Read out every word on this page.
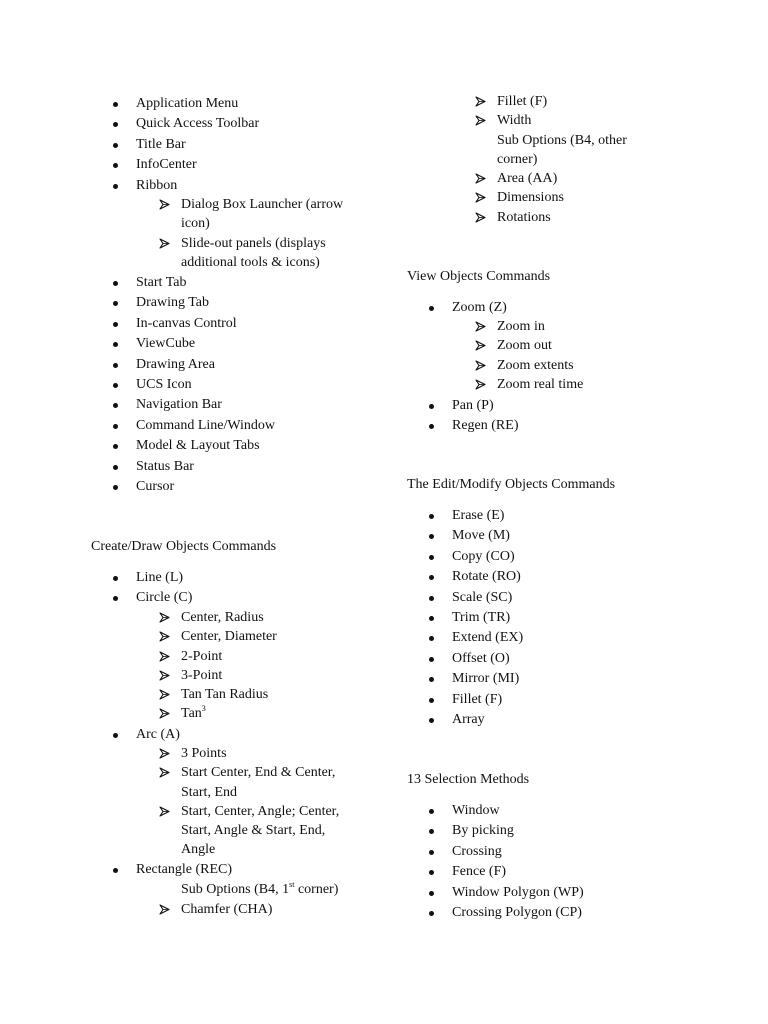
Application Menu
Quick Access Toolbar
Title Bar
InfoCenter
Ribbon
Dialog Box Launcher (arrow icon)
Slide-out panels (displays additional tools & icons)
Start Tab
Drawing Tab
In-canvas Control
ViewCube
Drawing Area
UCS Icon
Navigation Bar
Command Line/Window
Model & Layout Tabs
Status Bar
Cursor
Create/Draw Objects Commands
Line (L)
Circle (C)
Center, Radius
Center, Diameter
2-Point
3-Point
Tan Tan Radius
Tan$^3$
Arc (A)
3 Points
Start Center, End & Center, Start, End
Start, Center, Angle; Center, Start, Angle & Start, End, Angle
Rectangle (REC)
Sub Options (B4, 1st corner)
Chamfer (CHA)
Fillet (F)
Width
Sub Options (B4, other corner)
Area (AA)
Dimensions
Rotations
View Objects Commands
Zoom (Z)
Zoom in
Zoom out
Zoom extents
Zoom real time
Pan (P)
Regen (RE)
The Edit/Modify Objects Commands
Erase (E)
Move (M)
Copy (CO)
Rotate (RO)
Scale (SC)
Trim (TR)
Extend (EX)
Offset (O)
Mirror (MI)
Fillet (F)
Array
13 Selection Methods
Window
By picking
Crossing
Fence (F)
Window Polygon (WP)
Crossing Polygon (CP)
